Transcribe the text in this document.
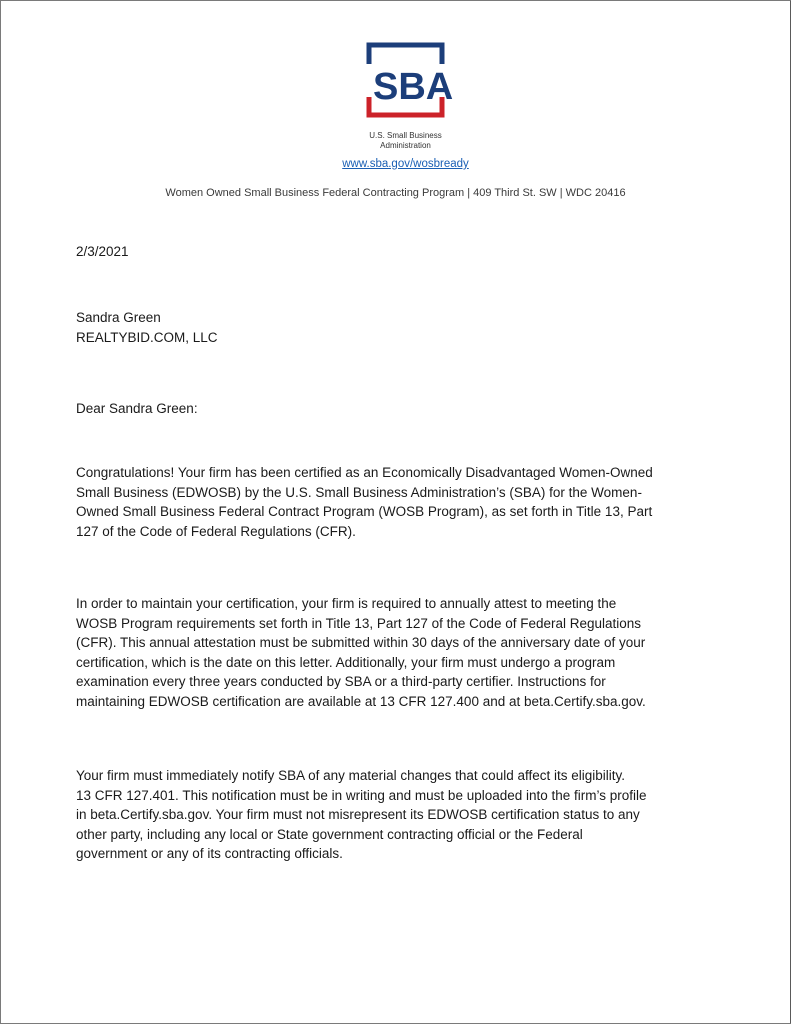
SBA
U.S. Small Business
Administration
www.sba.gov/wosbready
Women Owned Small Business Federal Contracting Program | 409 Third St. SW | WDC 20416
2/3/2021
Sandra Green
REALTYBID.COM, LLC
Dear Sandra Green:
Congratulations! Your firm has been certified as an Economically Disadvantaged Women-Owned
Small Business (EDWOSB) by the U.S. Small Business Administration’s (SBA) for the Women-
Owned Small Business Federal Contract Program (WOSB Program), as set forth in Title 13, Part
127 of the Code of Federal Regulations (CFR).
In order to maintain your certification, your firm is required to annually attest to meeting the
WOSB Program requirements set forth in Title 13, Part 127 of the Code of Federal Regulations
(CFR). This annual attestation must be submitted within 30 days of the anniversary date of your
certification, which is the date on this letter. Additionally, your firm must undergo a program
examination every three years conducted by SBA or a third-party certifier. Instructions for
maintaining EDWOSB certification are available at 13 CFR 127.400 and at beta.Certify.sba.gov.
Your firm must immediately notify SBA of any material changes that could affect its eligibility.
13 CFR 127.401. This notification must be in writing and must be uploaded into the firm’s profile
in beta.Certify.sba.gov. Your firm must not misrepresent its EDWOSB certification status to any
other party, including any local or State government contracting official or the Federal
government or any of its contracting officials.
